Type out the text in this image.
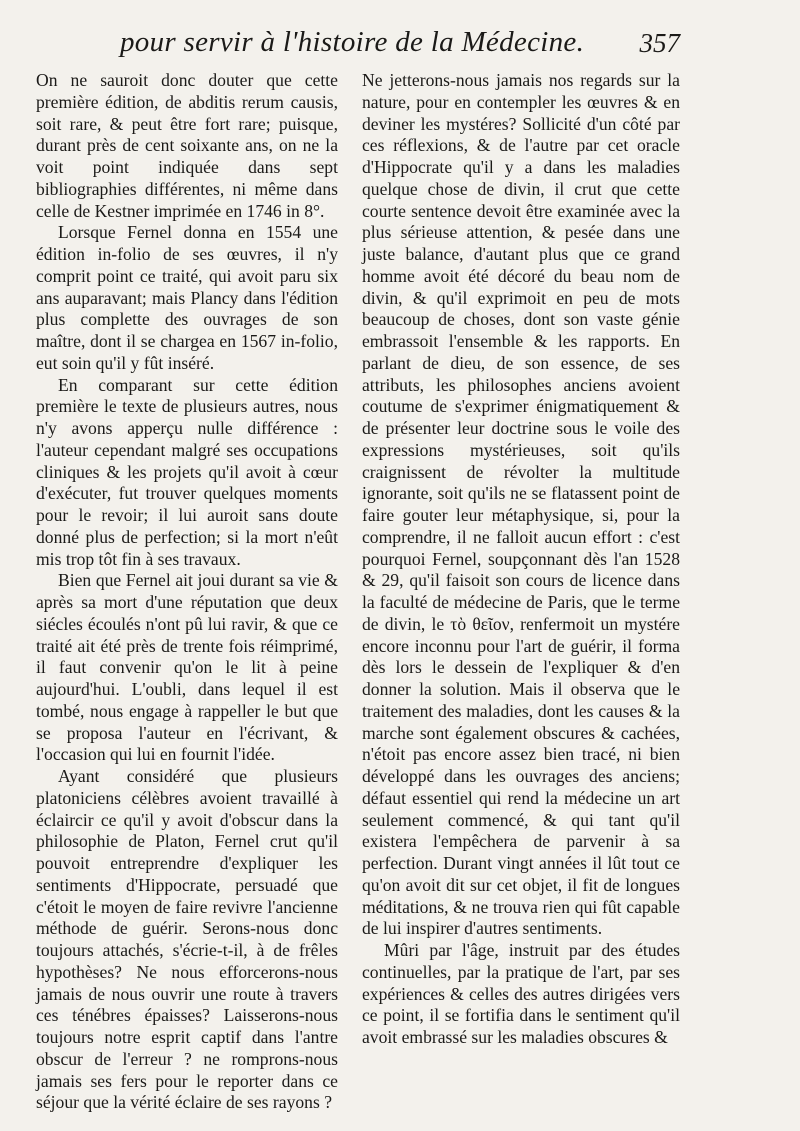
pour servir à l'histoire de la Médecine. 357

On ne sauroit donc douter que cette première édition, de abditis rerum causis, soit rare, & peut être fort rare; puisque, durant près de cent soixante ans, on ne la voit point indiquée dans sept bibliographies différentes, ni même dans celle de Kestner imprimée en 1746 in 8°.

Lorsque Fernel donna en 1554 une édition in-folio de ses œuvres, il n'y comprit point ce traité, qui avoit paru six ans auparavant; mais Plancy dans l'édition plus complette des ouvrages de son maître, dont il se chargea en 1567 in-folio, eut soin qu'il y fût inséré.

En comparant sur cette édition première le texte de plusieurs autres, nous n'y avons apperçu nulle différence : l'auteur cependant malgré ses occupations cliniques & les projets qu'il avoit à cœur d'exécuter, fut trouver quelques moments pour le revoir; il lui auroit sans doute donné plus de perfection; si la mort n'eût mis trop tôt fin à ses travaux.

Bien que Fernel ait joui durant sa vie & après sa mort d'une réputation que deux siécles écoulés n'ont pû lui ravir, & que ce traité ait été près de trente fois réimprimé, il faut convenir qu'on le lit à peine aujourd'hui. L'oubli, dans lequel il est tombé, nous engage à rappeller le but que se proposa l'auteur en l'écrivant, & l'occasion qui lui en fournit l'idée.

Ayant considéré que plusieurs platoniciens célèbres avoient travaillé à éclaircir ce qu'il y avoit d'obscur dans la philosophie de Platon, Fernel crut qu'il pouvoit entreprendre d'expliquer les sentiments d'Hippocrate, persuadé que c'étoit le moyen de faire revivre l'ancienne méthode de guérir. Serons-nous donc toujours attachés, s'écrie-t-il, à de frêles hypothèses? Ne nous efforcerons-nous jamais de nous ouvrir une route à travers ces ténébres épaisses? Laisserons-nous toujours notre esprit captif dans l'antre obscur de l'erreur ? ne romprons-nous jamais ses fers pour le reporter dans ce séjour que la vérité éclaire de ses rayons ?

Ne jetterons-nous jamais nos regards sur la nature, pour en contempler les œuvres & en deviner les mystéres? Sollicité d'un côté par ces réflexions, & de l'autre par cet oracle d'Hippocrate qu'il y a dans les maladies quelque chose de divin, il crut que cette courte sentence devoit être examinée avec la plus sérieuse attention, & pesée dans une juste balance, d'autant plus que ce grand homme avoit été décoré du beau nom de divin, & qu'il exprimoit en peu de mots beaucoup de choses, dont son vaste génie embrassoit l'ensemble & les rapports. En parlant de dieu, de son essence, de ses attributs, les philosophes anciens avoient coutume de s'exprimer énigmatiquement & de présenter leur doctrine sous le voile des expressions mystérieuses, soit qu'ils craignissent de révolter la multitude ignorante, soit qu'ils ne se flatassent point de faire gouter leur métaphysique, si, pour la comprendre, il ne falloit aucun effort : c'est pourquoi Fernel, soupçonnant dès l'an 1528 & 29, qu'il faisoit son cours de licence dans la faculté de médecine de Paris, que le terme de divin, le τὸ θεῖον, renfermoit un mystére encore inconnu pour l'art de guérir, il forma dès lors le dessein de l'expliquer & d'en donner la solution. Mais il observa que le traitement des maladies, dont les causes & la marche sont également obscures & cachées, n'étoit pas encore assez bien tracé, ni bien développé dans les ouvrages des anciens; défaut essentiel qui rend la médecine un art seulement commencé, & qui tant qu'il existera l'empêchera de parvenir à sa perfection. Durant vingt années il lût tout ce qu'on avoit dit sur cet objet, il fit de longues méditations, & ne trouva rien qui fût capable de lui inspirer d'autres sentiments.

Mûri par l'âge, instruit par des études continuelles, par la pratique de l'art, par ses expériences & celles des autres dirigées vers ce point, il se fortifia dans le sentiment qu'il avoit embrassé sur les maladies obscures &
